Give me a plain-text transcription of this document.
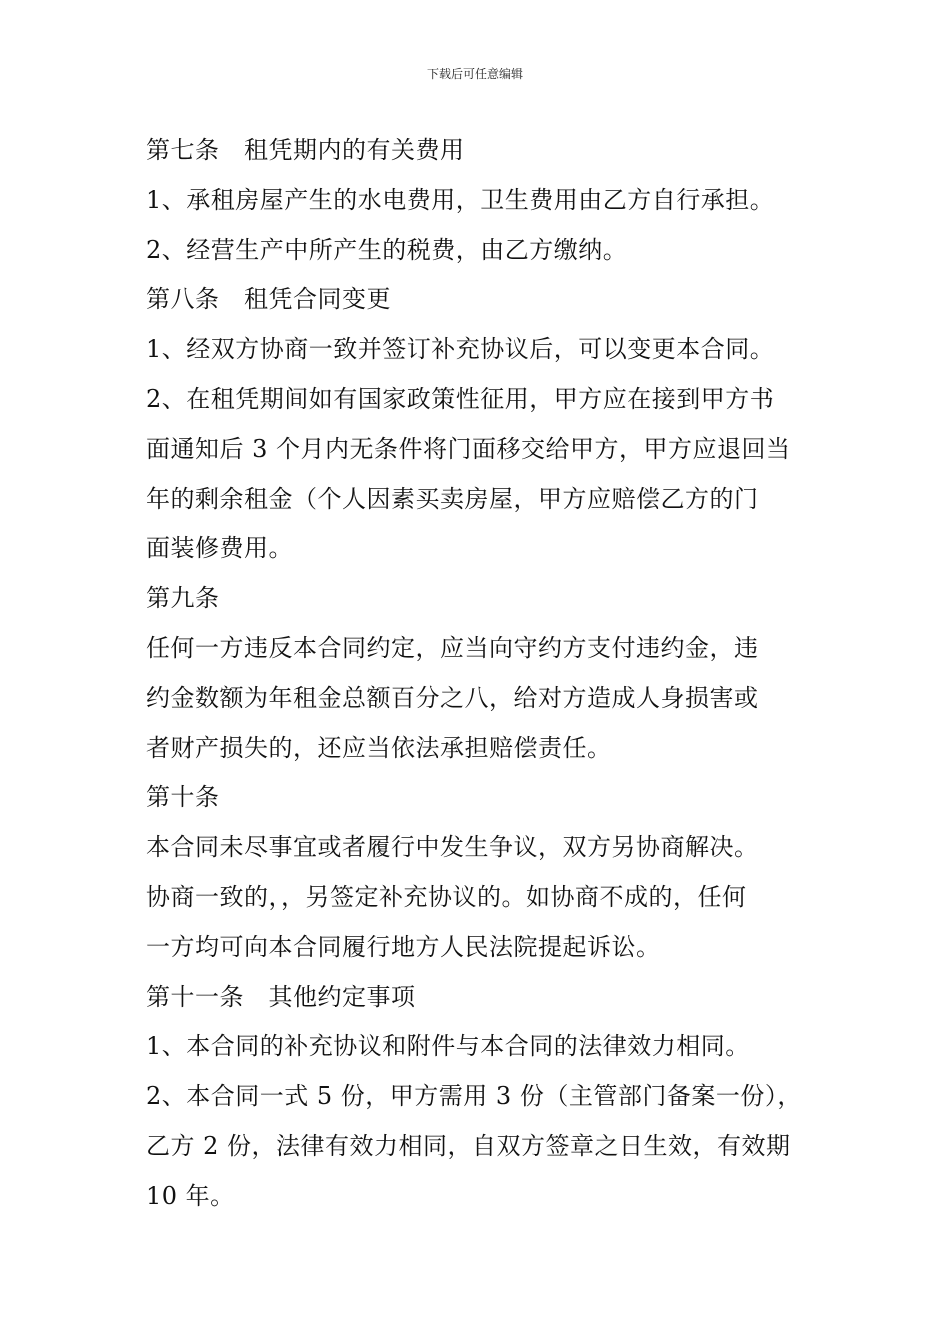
下载后可任意编辑
第七条　租凭期内的有关费用
1、承租房屋产生的水电费用，卫生费用由乙方自行承担。
2、经营生产中所产生的税费，由乙方缴纳。
第八条　租凭合同变更
1、经双方协商一致并签订补充协议后，可以变更本合同。
2、在租凭期间如有国家政策性征用，甲方应在接到甲方书
面通知后 3 个月内无条件将门面移交给甲方，甲方应退回当
年的剩余租金（个人因素买卖房屋，甲方应赔偿乙方的门
面装修费用。
第九条
任何一方违反本合同约定，应当向守约方支付违约金，违
约金数额为年租金总额百分之八，给对方造成人身损害或
者财产损失的，还应当依法承担赔偿责任。
第十条
本合同未尽事宜或者履行中发生争议，双方另协商解决。
协商一致的，，另签定补充协议的。如协商不成的，任何
一方均可向本合同履行地方人民法院提起诉讼。
第十一条　其他约定事项
1、本合同的补充协议和附件与本合同的法律效力相同。
2、本合同一式 5 份，甲方需用 3 份（主管部门备案一份），
乙方 2 份，法律有效力相同，自双方签章之日生效，有效期
10 年。
